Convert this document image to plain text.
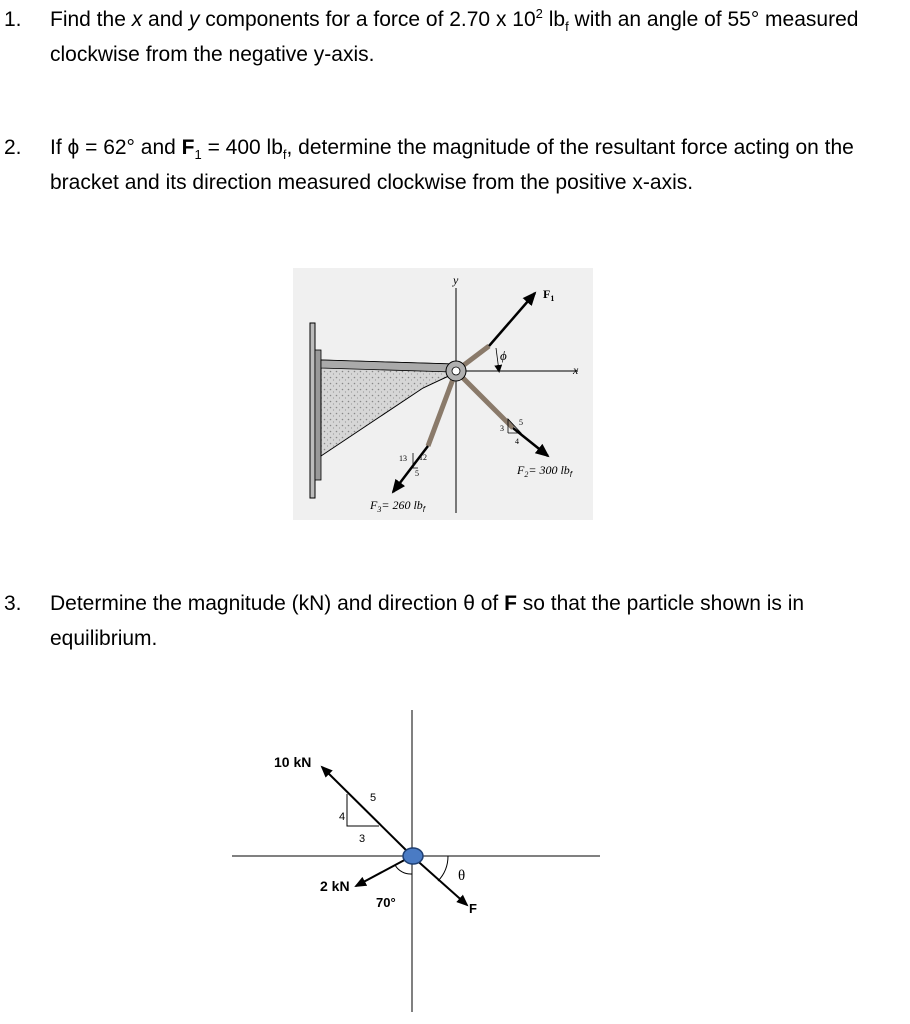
1. Find the x and y components for a force of 2.70 x $10^2$ $lb_f$ with an angle of 55° measured clockwise from the negative y-axis.
2. If ϕ = 62° and $F_1 = 400$ $lb_f$, determine the magnitude of the resultant force acting on the bracket and its direction measured clockwise from the positive x-axis.
y
x
$F_1$
ϕ
3
4
5
$F_2= 300$ $lb_f$
13 12
5
$F_3= 260$ $lb_f$
3. Determine the magnitude (kN) and direction θ of F so that the particle shown is in equilibrium.
10 kN
5
4
3
2 kN
70°	F
θ
